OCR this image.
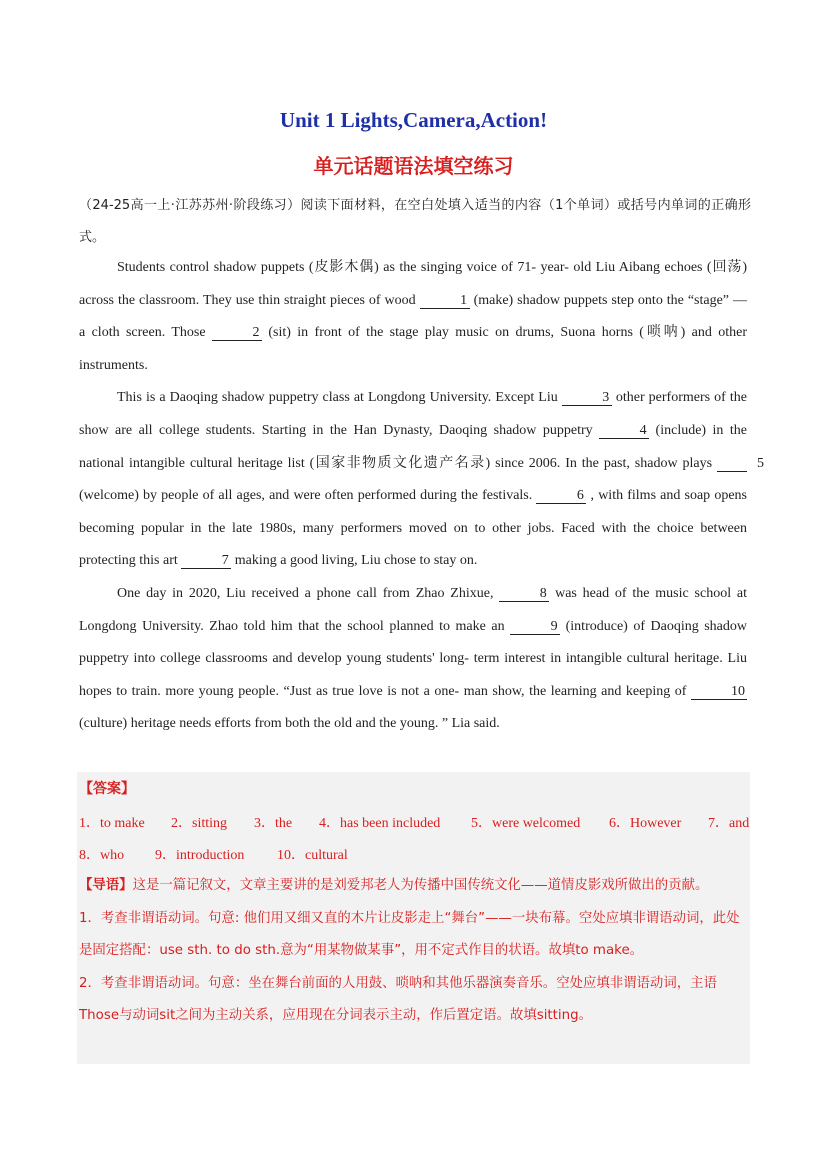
Unit 1 Lights,Camera,Action!
单元话题语法填空练习
（24-25高一上·江苏苏州·阶段练习）阅读下面材料，在空白处填入适当的内容（1个单词）或括号内单词的正确形式。

Students control shadow puppets (皮影木偶) as the singing voice of 71- year- old Liu Aibang echoes (回荡) across the classroom. They use thin straight pieces of wood	1 (make) shadow puppets step onto the “stage” — a cloth screen. Those	2 (sit) in front of the stage play music on drums, Suona horns (唢呐) and other instruments.

This is a Daoqing shadow puppetry class at Longdong University. Except Liu	3 other performers of the show are all college students. Starting in the Han Dynasty, Daoqing shadow puppetry	4 (include) in the national intangible cultural heritage list (国家非物质文化遗产名录) since 2006. In the past, shadow plays	5 (welcome) by people of all ages, and were often performed during the festivals.	6 , with films and soap opens becoming popular in the late 1980s, many performers moved on to other jobs. Faced with the choice between protecting this art	7 making a good living, Liu chose to stay on.

One day in 2020, Liu received a phone call from Zhao Zhixue,	8 was head of the music school at Longdong University. Zhao told him that the school planned to make an	9 (introduce) of Daoqing shadow puppetry into college classrooms and develop young students' long- term interest in intangible cultural heritage. Liu hopes to train. more young people. “Just as true love is not a one- man show, the learning and keeping of	10 (culture) heritage needs efforts from both the old and the young. ” Lia said.

【答案】
1．to make 2．sitting 3．the 4．has been included 5．were welcomed 6．However 7．and
8．who 9．introduction 10．cultural

【导语】这是一篇记叙文，文章主要讲的是刘爱邦老人为传播中国传统文化——道情皮影戏所做出的贡献。

1．考查非谓语动词。句意: 他们用又细又直的木片让皮影走上“舞台”——一块布幕。空处应填非谓语动词，此处是固定搭配：use sth. to do sth.意为“用某物做某事”，用不定式作目的状语。故填to make。

2．考查非谓语动词。句意：坐在舞台前面的人用鼓、唢呐和其他乐器演奏音乐。空处应填非谓语动词，主语Those与动词sit之间为主动关系，应用现在分词表示主动，作后置定语。故填sitting。
